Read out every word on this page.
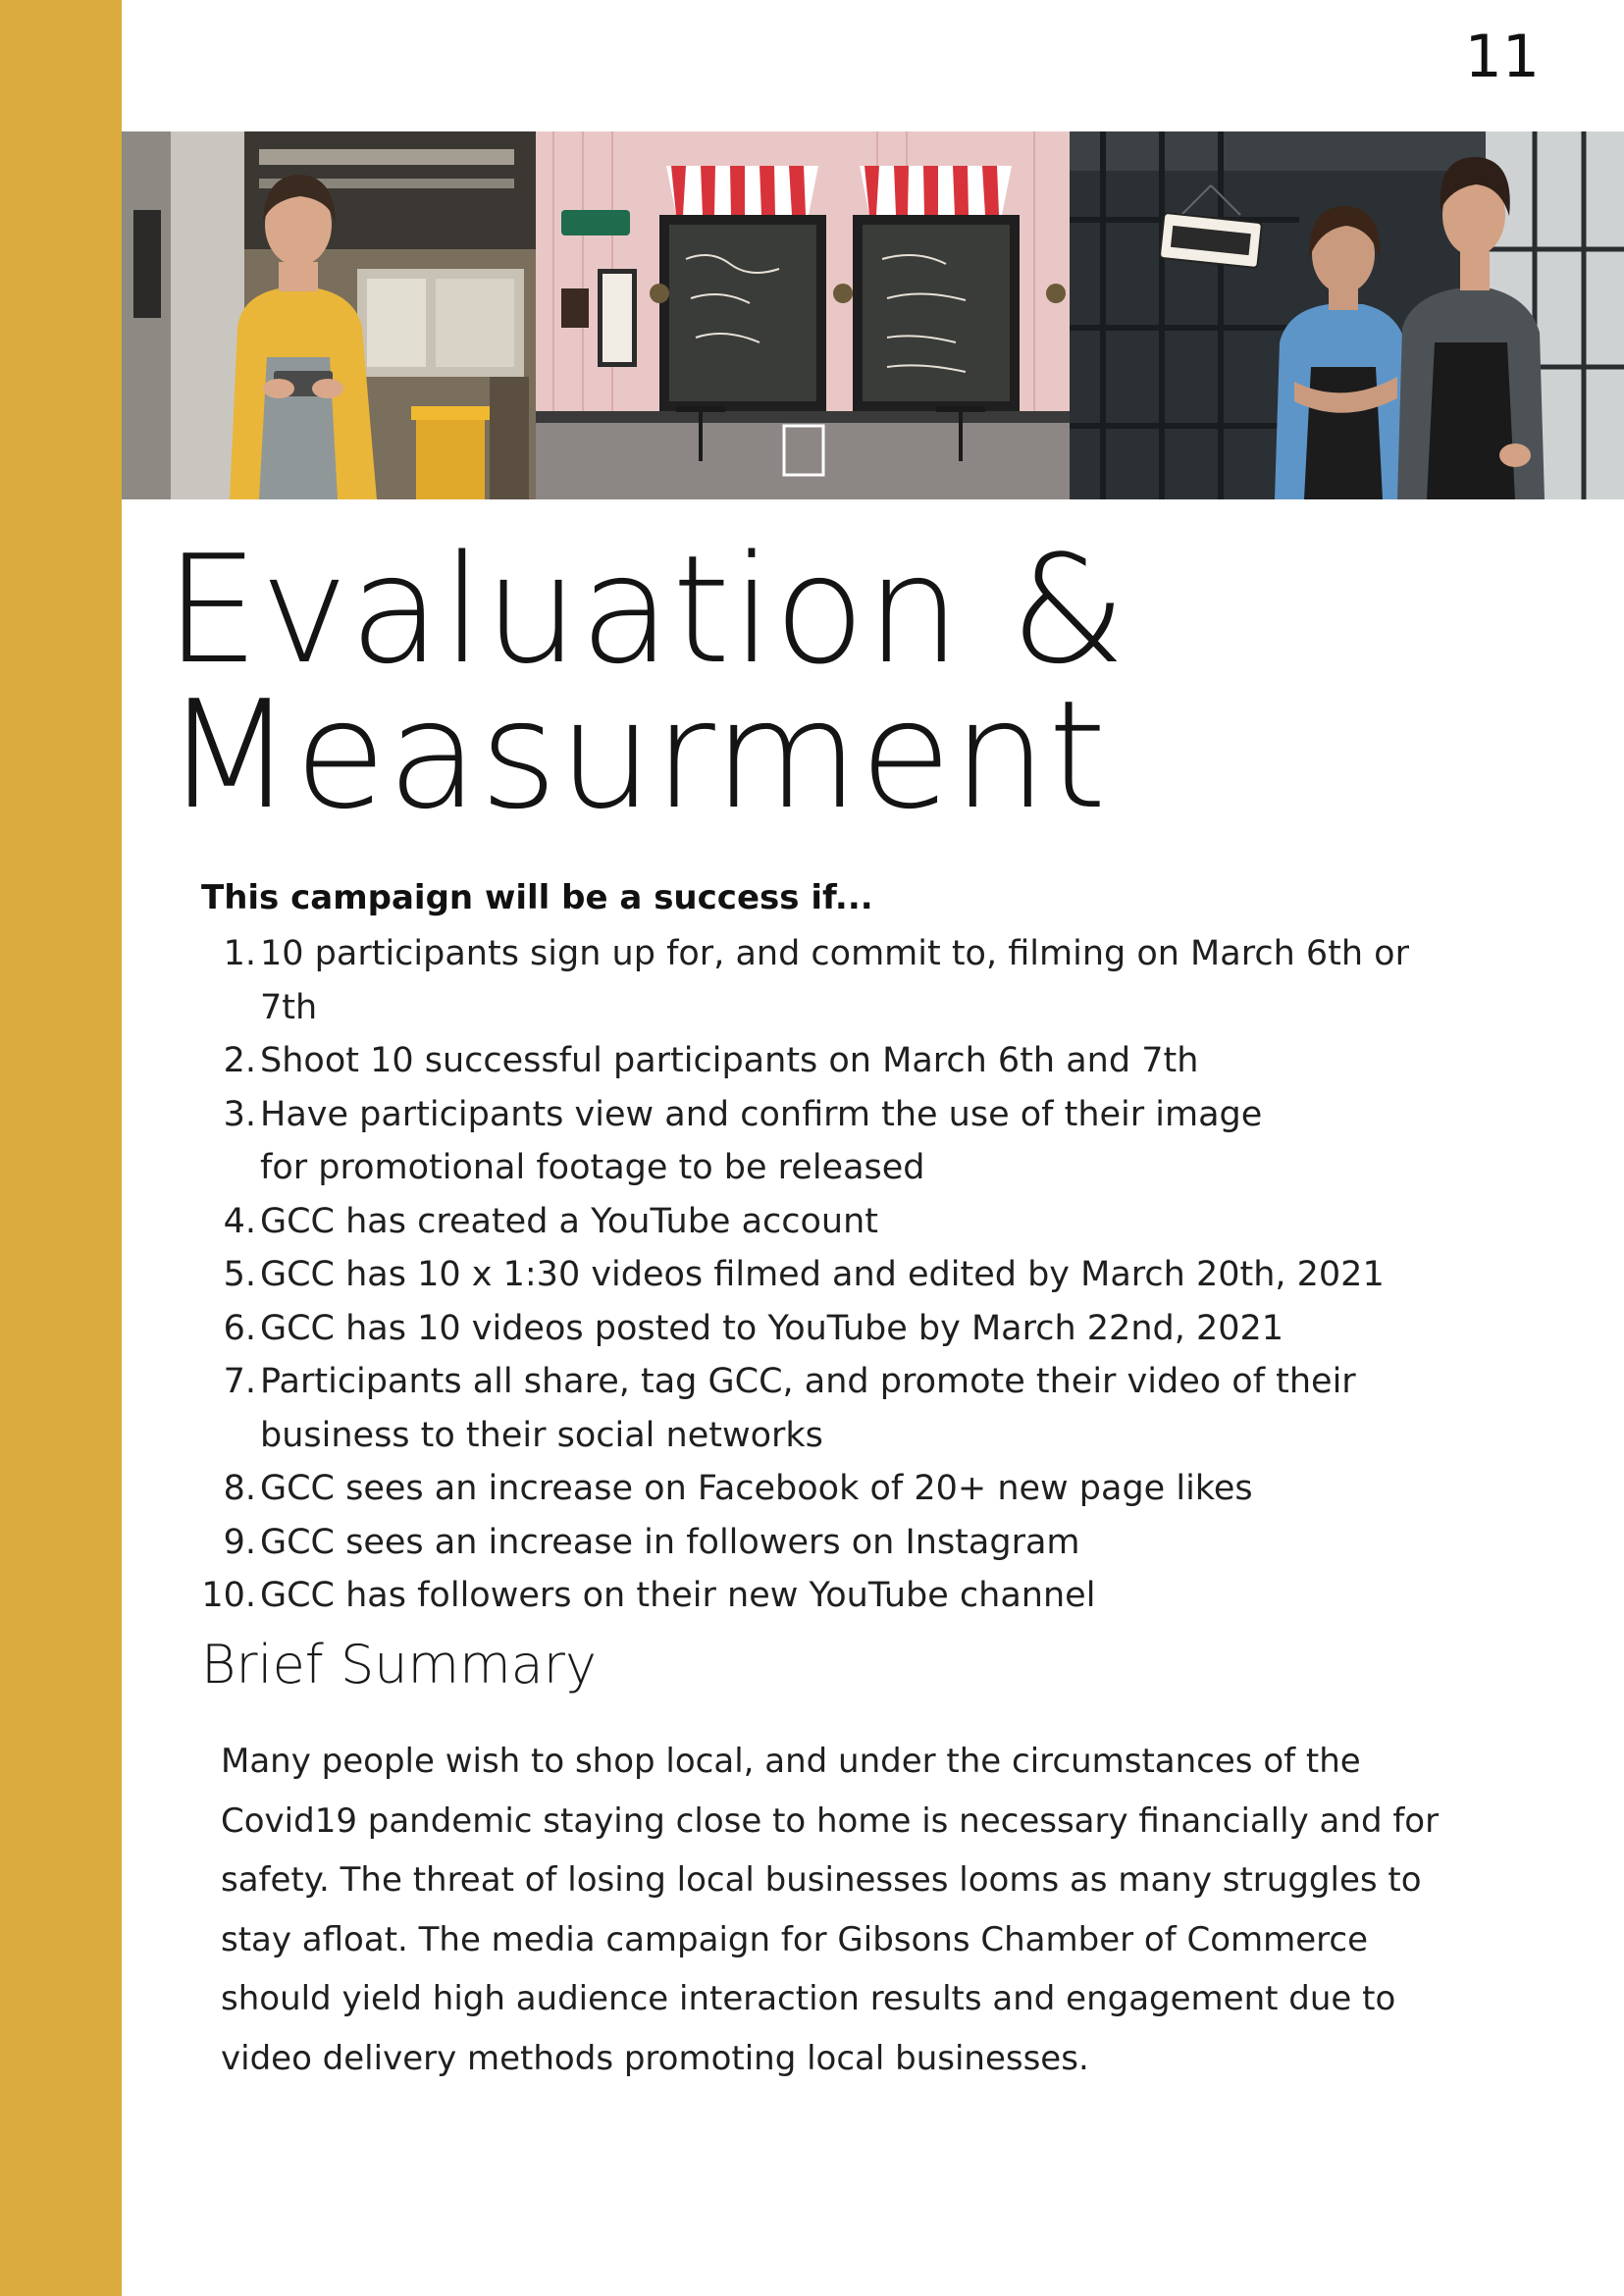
11
Evaluation &
Measurment
This campaign will be a success if...
1. 10 participants sign up for, and commit to, filming on March 6th or 7th
2. Shoot 10 successful participants on March 6th and 7th
3. Have participants view and confirm the use of their image for promotional footage to be released
4. GCC has created a YouTube account
5. GCC has 10 x 1:30 videos filmed and edited by March 20th, 2021
6. GCC has 10 videos posted to YouTube by March 22nd, 2021
7. Participants all share, tag GCC, and promote their video of their business to their social networks
8. GCC sees an increase on Facebook of 20+ new page likes
9. GCC sees an increase in followers on Instagram
10. GCC has followers on their new YouTube channel
Brief Summary

Many people wish to shop local, and under the circumstances of the Covid19 pandemic staying close to home is necessary financially and for safety. The threat of losing local businesses looms as many struggles to stay afloat. The media campaign for Gibsons Chamber of Commerce should yield high audience interaction results and engagement due to video delivery methods promoting local businesses.
